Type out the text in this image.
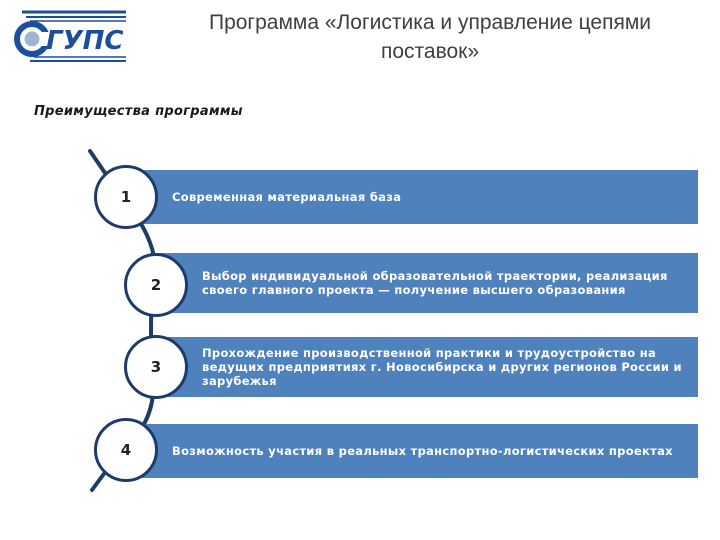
ГУПС
Программа «Логистика и управление цепями поставок»
Преимущества программы
Современная материальная база
Выбор индивидуальной образовательной траектории, реализация своего главного проекта — получение высшего образования
Прохождение производственной практики и трудоустройство на ведущих предприятиях г. Новосибирска и других регионов России и зарубежья
Возможность участия в реальных транспортно-логистических проектах
1
2
3
4
